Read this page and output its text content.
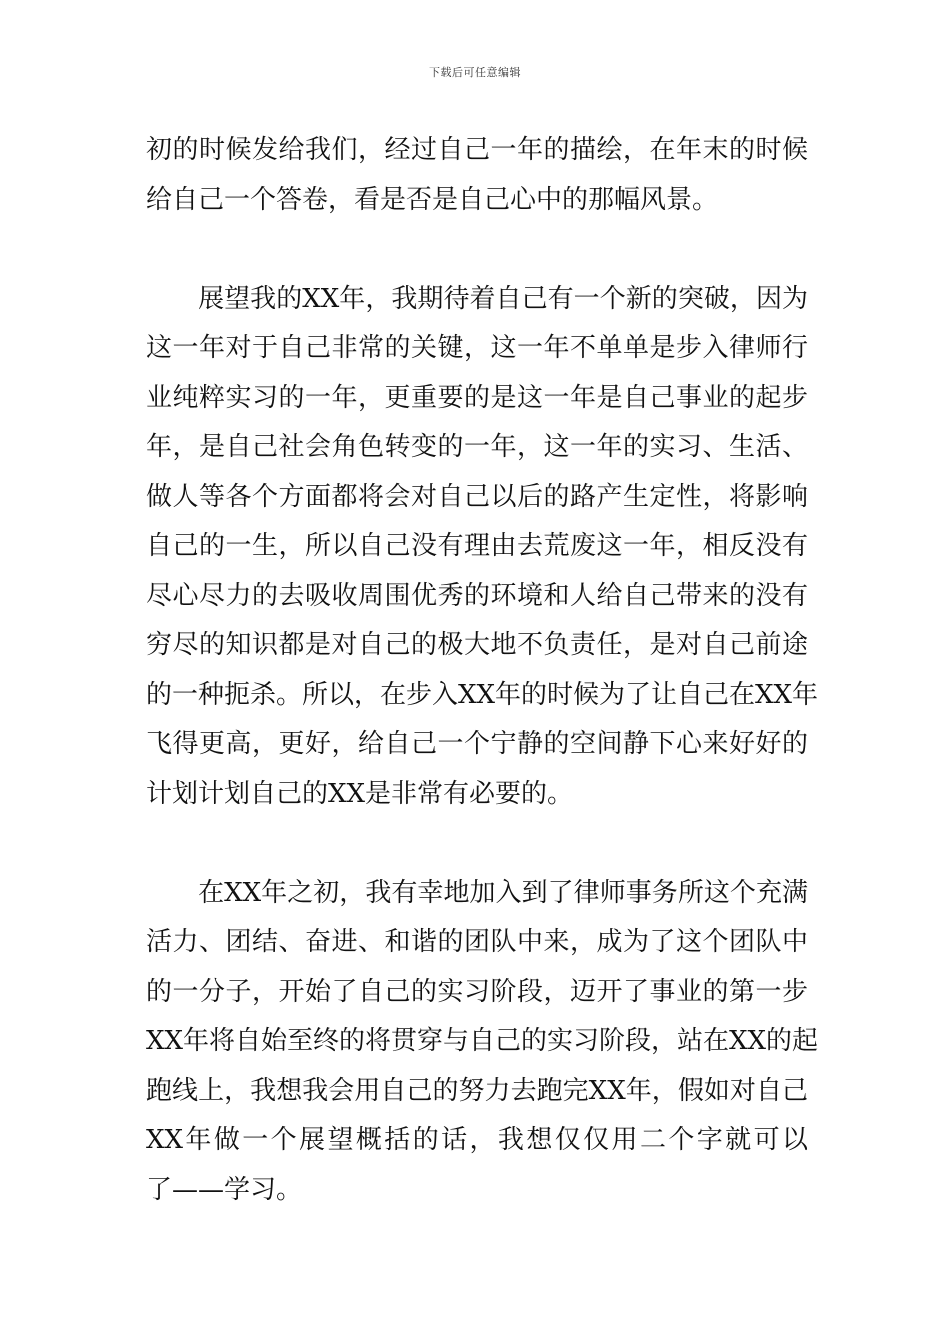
下载后可任意编辑
初的时候发给我们，经过自己一年的描绘，在年末的时候
给自己一个答卷，看是否是自己心中的那幅风景。
　　展望我的XX年，我期待着自己有一个新的突破，因为
这一年对于自己非常的关键，这一年不单单是步入律师行
业纯粹实习的一年，更重要的是这一年是自己事业的起步
年，是自己社会角色转变的一年，这一年的实习、生活、
做人等各个方面都将会对自己以后的路产生定性，将影响
自己的一生，所以自己没有理由去荒废这一年，相反没有
尽心尽力的去吸收周围优秀的环境和人给自己带来的没有
穷尽的知识都是对自己的极大地不负责任，是对自己前途
的一种扼杀。所以，在步入XX年的时候为了让自己在XX年
飞得更高，更好，给自己一个宁静的空间静下心来好好的
计划计划自己的XX是非常有必要的。
　　在XX年之初，我有幸地加入到了律师事务所这个充满
活力、团结、奋进、和谐的团队中来，成为了这个团队中
的一分子，开始了自己的实习阶段，迈开了事业的第一步
XX年将自始至终的将贯穿与自己的实习阶段，站在XX的起
跑线上，我想我会用自己的努力去跑完XX年，假如对自己
XX年做一个展望概括的话，我想仅仅用二个字就可以
了——学习。
